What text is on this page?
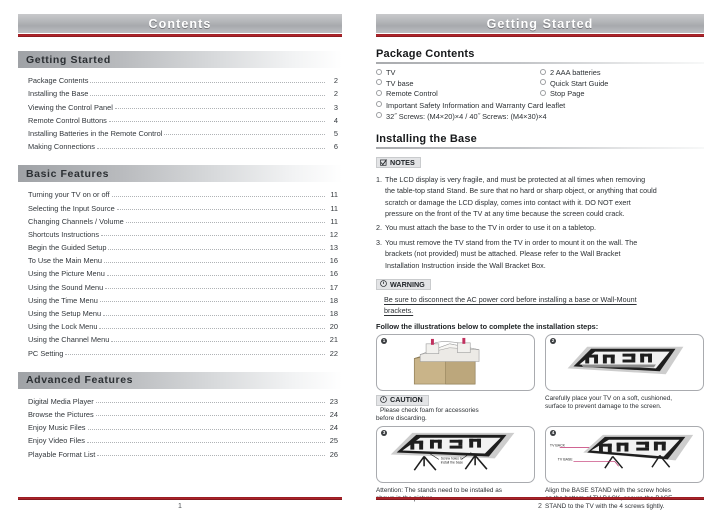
Contents
Getting Started
Package Contents	2
Installing the Base	2
Viewing the Control Panel	3
Remote Control Buttons	4
Installing Batteries in the Remote Control	5
Making Connections	6
Basic Features
Turning your TV on or off	11
Selecting the Input Source	11
Changing Channels / Volume	11
Shortcuts Instructions	12
Begin the Guided Setup	13
To Use the Main Menu	16
Using the Picture Menu	16
Using the Sound Menu	17
Using the Time Menu	18
Using the Setup Menu	18
Using the Lock Menu	20
Using the Channel Menu	21
PC Setting	22
Advanced Features
Digital Media Player	23
Browse the Pictures	24
Enjoy Music Files	24
Enjoy Video Files	25
Playable Format List	26
1
Getting Started
Package Contents
TV
TV base
Remote Control
2 AAA batteries
Quick Start Guide
Stop Page
Important Safety Information and Warranty Card leaflet
32˝ Screws: (M4×20)×4 / 40˝ Screws: (M4×30)×4
Installing the Base
NOTES
1. The LCD display is very fragile, and must be protected at all times when removing
the table-top stand Stand. Be sure that no hard or sharp object, or anything that could
scratch or damage the LCD display, comes into contact with it. DO NOT exert
pressure on the front of the TV at any time because the screen could crack.
2. You must attach the base to the TV in order to use it on a tabletop.
3. You must remove the TV stand from the TV in order to mount it on the wall. The
brackets (not provided) must be attached. Please refer to the Wall Bracket
Installation Instruction inside the Wall Bracket Box.
WARNING
Be sure to disconnect the AC power cord before installing a base or Wall-Mount
brackets.
Follow the illustrations below to complete the installation steps:
1	2
CAUTION
Please check foam for accessories
before discarding.
Carefully place your TV on a soft, cushioned,
surface to prevent damage to the screen.
3
Screw holes to
install the base
4
TV BACK
TV BASE
Attention: The stands need to be installed as	Align the BASE STAND with the screw holes
STAND to the TV with the 4 screws tightly.
2
